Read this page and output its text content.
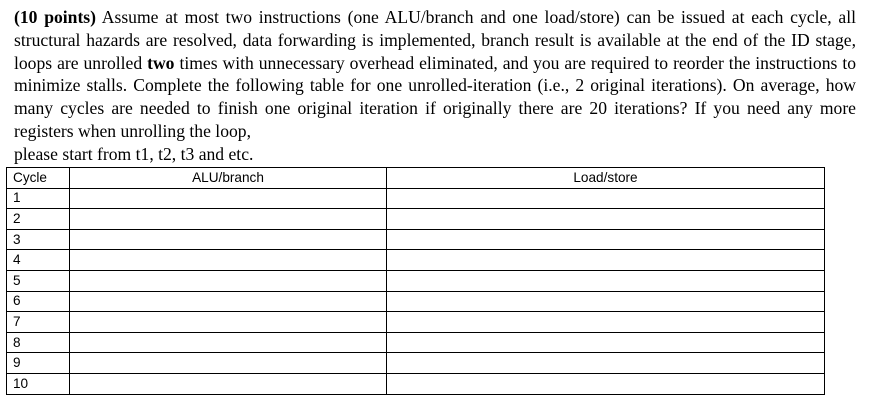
(10 points) Assume at most two instructions (one ALU/branch and one load/store) can be issued at each cycle, all structural hazards are resolved, data forwarding is implemented, branch result is available at the end of the ID stage, loops are unrolled two times with unnecessary overhead eliminated, and you are required to reorder the instructions to minimize stalls. Complete the following table for one unrolled-iteration (i.e., 2 original iterations). On average, how many cycles are needed to finish one original iteration if originally there are 20 iterations? If you need any more registers when unrolling the loop,
please start from t1, t2, t3 and etc.

Cycle	ALU/branch	Load/store
1		
2		
3		
4		
5		
6		
7		
8		
9		
10		
